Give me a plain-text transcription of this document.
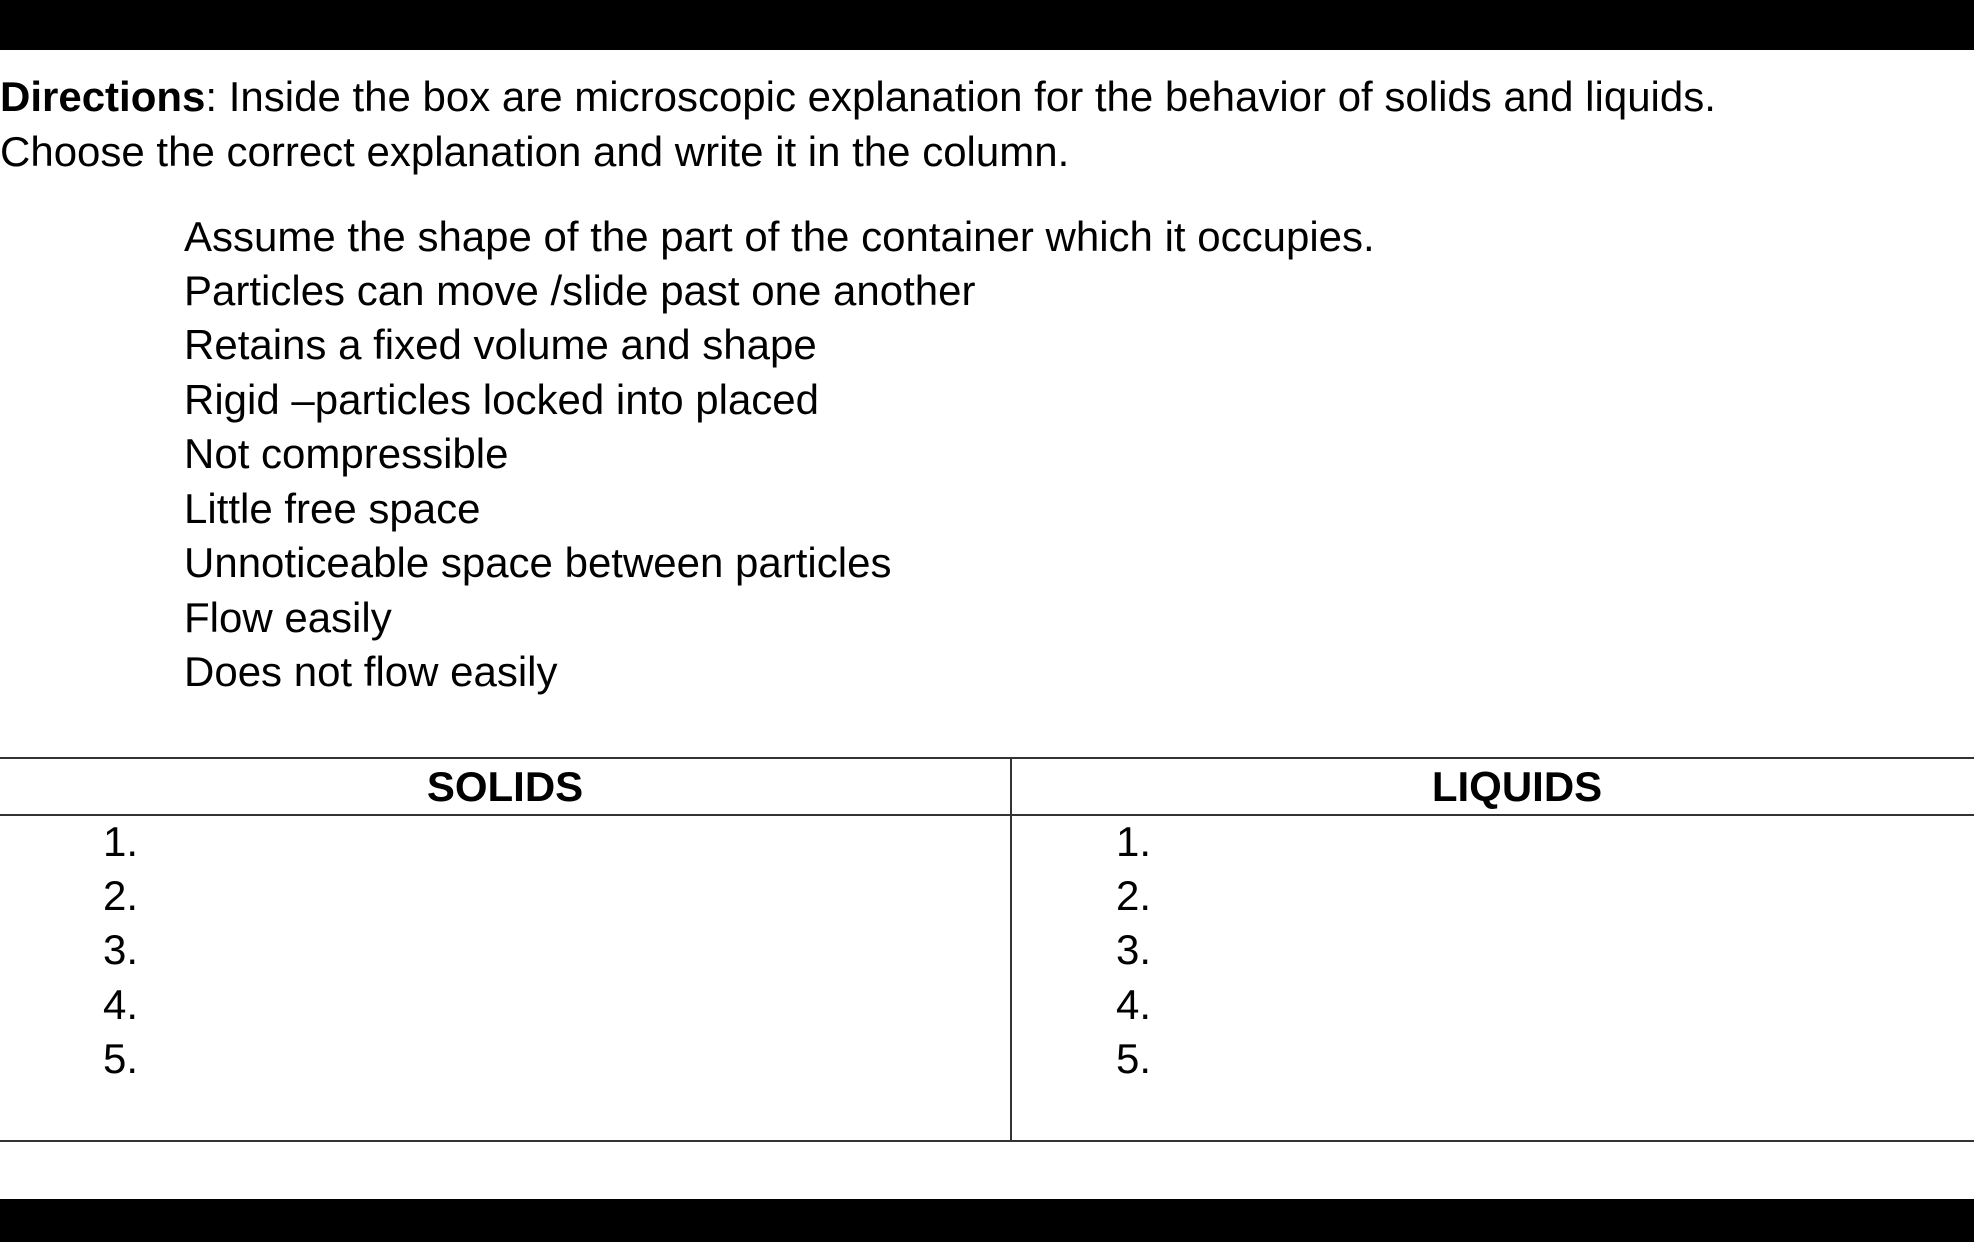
Directions: Inside the box are microscopic explanation for the behavior of solids and liquids.
Choose the correct explanation and write it in the column.
Assume the shape of the part of the container which it occupies.
Particles can move /slide past one another
Retains a fixed volume and shape
Rigid –particles locked into placed
Not compressible
Little free space
Unnoticeable space between particles
Flow easily
Does not flow easily
SOLIDS	LIQUIDS
1.
2.
3.
4.
5.
1.
2.
3.
4.
5.
